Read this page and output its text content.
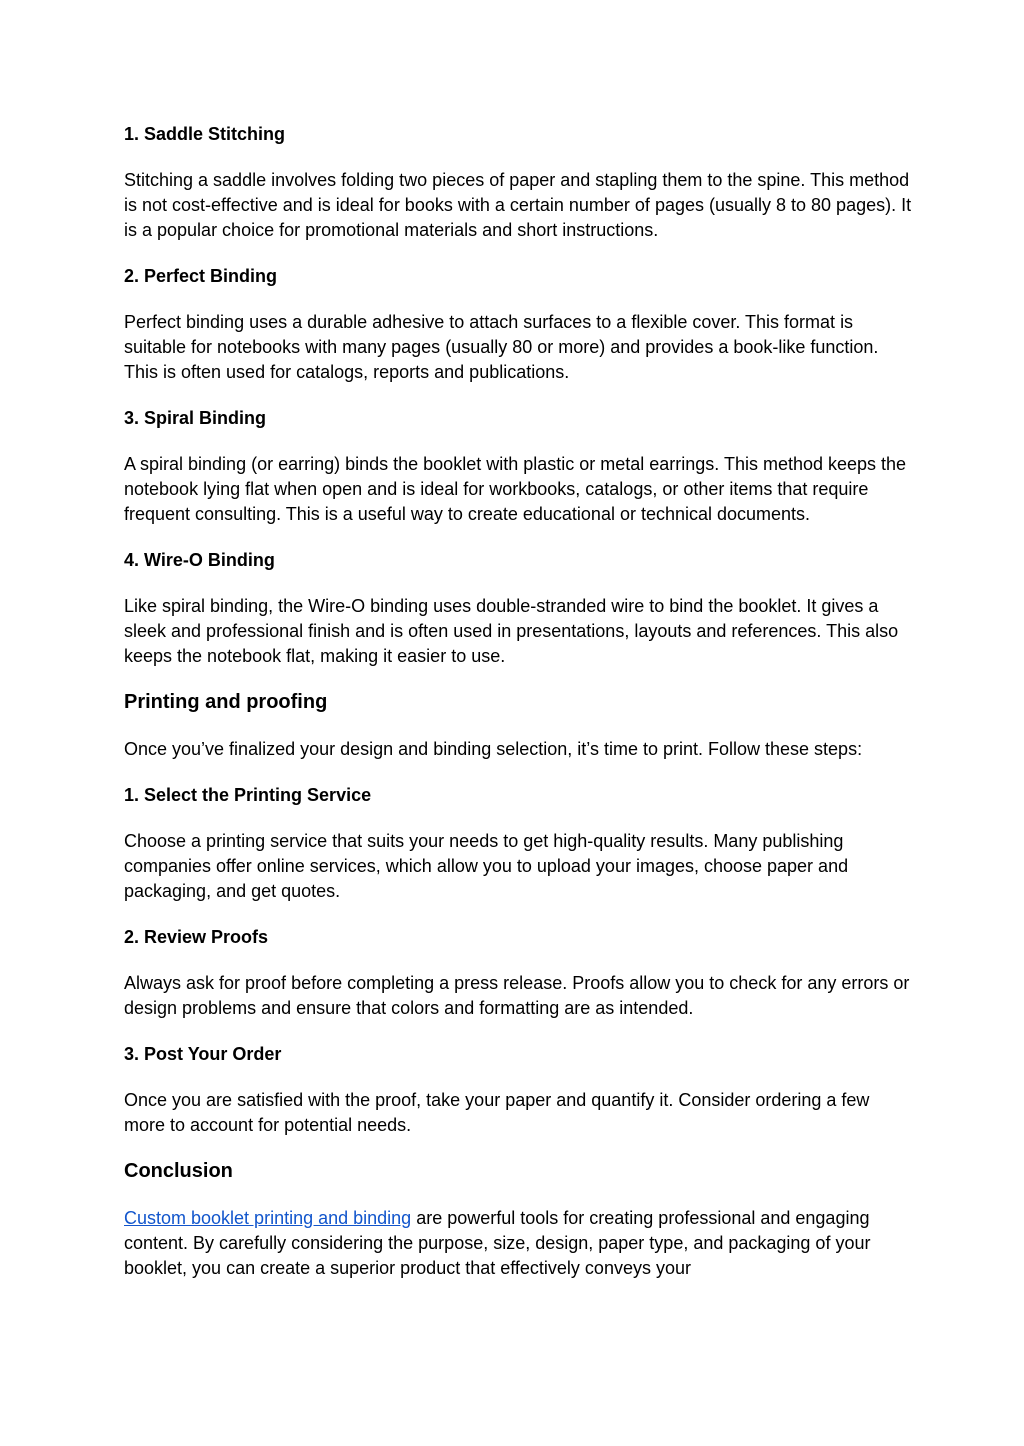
1. Saddle Stitching
Stitching a saddle involves folding two pieces of paper and stapling them to the spine. This method is not cost-effective and is ideal for books with a certain number of pages (usually 8 to 80 pages). It is a popular choice for promotional materials and short instructions.
2. Perfect Binding
Perfect binding uses a durable adhesive to attach surfaces to a flexible cover. This format is suitable for notebooks with many pages (usually 80 or more) and provides a book-like function. This is often used for catalogs, reports and publications.
3. Spiral Binding
A spiral binding (or earring) binds the booklet with plastic or metal earrings. This method keeps the notebook lying flat when open and is ideal for workbooks, catalogs, or other items that require frequent consulting. This is a useful way to create educational or technical documents.
4. Wire-O Binding
Like spiral binding, the Wire-O binding uses double-stranded wire to bind the booklet. It gives a sleek and professional finish and is often used in presentations, layouts and references. This also keeps the notebook flat, making it easier to use.
Printing and proofing
Once you’ve finalized your design and binding selection, it’s time to print. Follow these steps:
1. Select the Printing Service
Choose a printing service that suits your needs to get high-quality results. Many publishing companies offer online services, which allow you to upload your images, choose paper and packaging, and get quotes.
2. Review Proofs
Always ask for proof before completing a press release. Proofs allow you to check for any errors or design problems and ensure that colors and formatting are as intended.
3. Post Your Order
Once you are satisfied with the proof, take your paper and quantify it. Consider ordering a few more to account for potential needs.
Conclusion
Custom booklet printing and binding are powerful tools for creating professional and engaging content. By carefully considering the purpose, size, design, paper type, and packaging of your booklet, you can create a superior product that effectively conveys your
